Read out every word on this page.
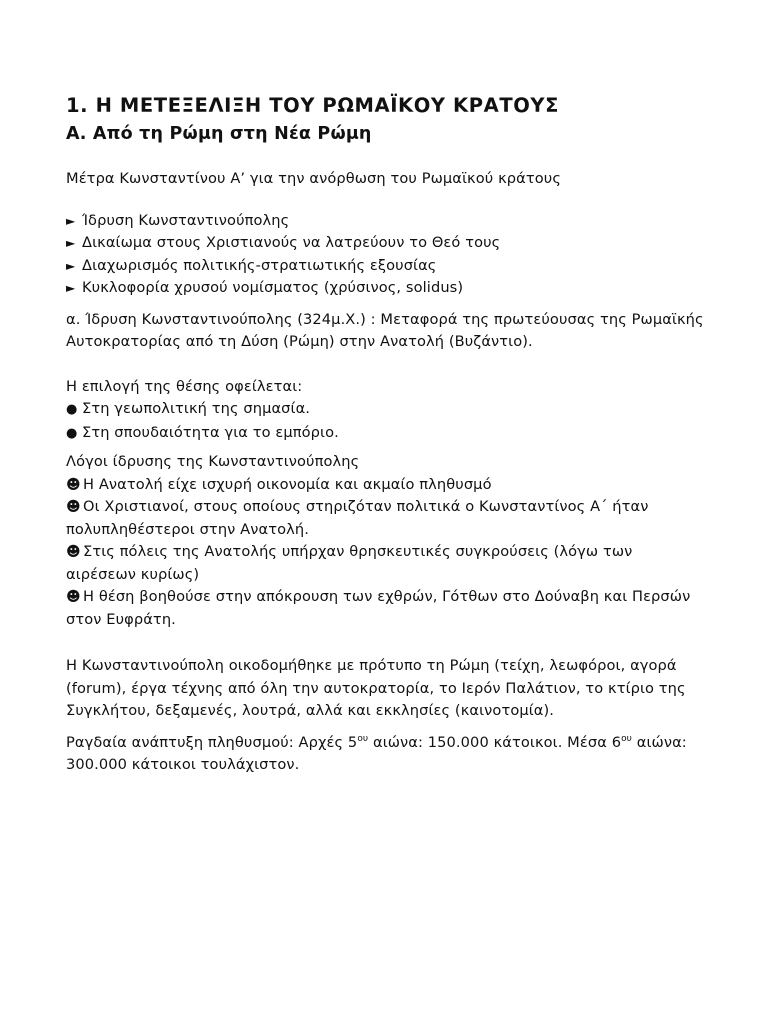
1. Η ΜΕΤΕΞΕΛΙΞΗ ΤΟΥ ΡΩΜΑΪΚΟΥ ΚΡΑΤΟΥΣ
Α. Από τη Ρώμη στη Νέα Ρώμη

Μέτρα Κωνσταντίνου Α’ για την ανόρθωση του Ρωμαϊκού κράτους

► Ίδρυση Κωνσταντινούπολης
► Δικαίωμα στους Χριστιανούς να λατρεύουν το Θεό τους
► Διαχωρισμός πολιτικής-στρατιωτικής εξουσίας
► Κυκλοφορία χρυσού νομίσματος (χρύσινος, solidus)

α. Ίδρυση Κωνσταντινούπολης (324μ.Χ.) : Μεταφορά της πρωτεύουσας της Ρωμαϊκής Αυτοκρατορίας από τη Δύση (Ρώμη) στην Ανατολή (Βυζάντιο).

Η επιλογή της θέσης οφείλεται:

● Στη γεωπολιτική της σημασία.
● Στη σπουδαιότητα για το εμπόριο.

Λόγοι ίδρυσης της Κωνσταντινούπολης

☻ Η Ανατολή είχε ισχυρή οικονομία και ακμαίο πληθυσμό
☻ Οι Χριστιανοί, στους οποίους στηριζόταν πολιτικά ο Κωνσταντίνος Α΄ ήταν πολυπληθέστεροι στην Ανατολή.
☻ Στις πόλεις της Ανατολής υπήρχαν θρησκευτικές συγκρούσεις (λόγω των αιρέσεων κυρίως)
☻ Η θέση βοηθούσε στην απόκρουση των εχθρών, Γότθων στο Δούναβη και Περσών στον Ευφράτη.

Η Κωνσταντινούπολη οικοδομήθηκε με πρότυπο τη Ρώμη (τείχη, λεωφόροι, αγορά (forum), έργα τέχνης από όλη την αυτοκρατορία, το Ιερόν Παλάτιον, το κτίριο της Συγκλήτου, δεξαμενές, λουτρά, αλλά και εκκλησίες (καινοτομία).

Ραγδαία ανάπτυξη πληθυσμού: Αρχές $5^{o\upsilon}$ αιώνα: 150.000 κάτοικοι. Μέσα $6^{o\upsilon}$ αιώνα: 300.000 κάτοικοι τουλάχιστον.
